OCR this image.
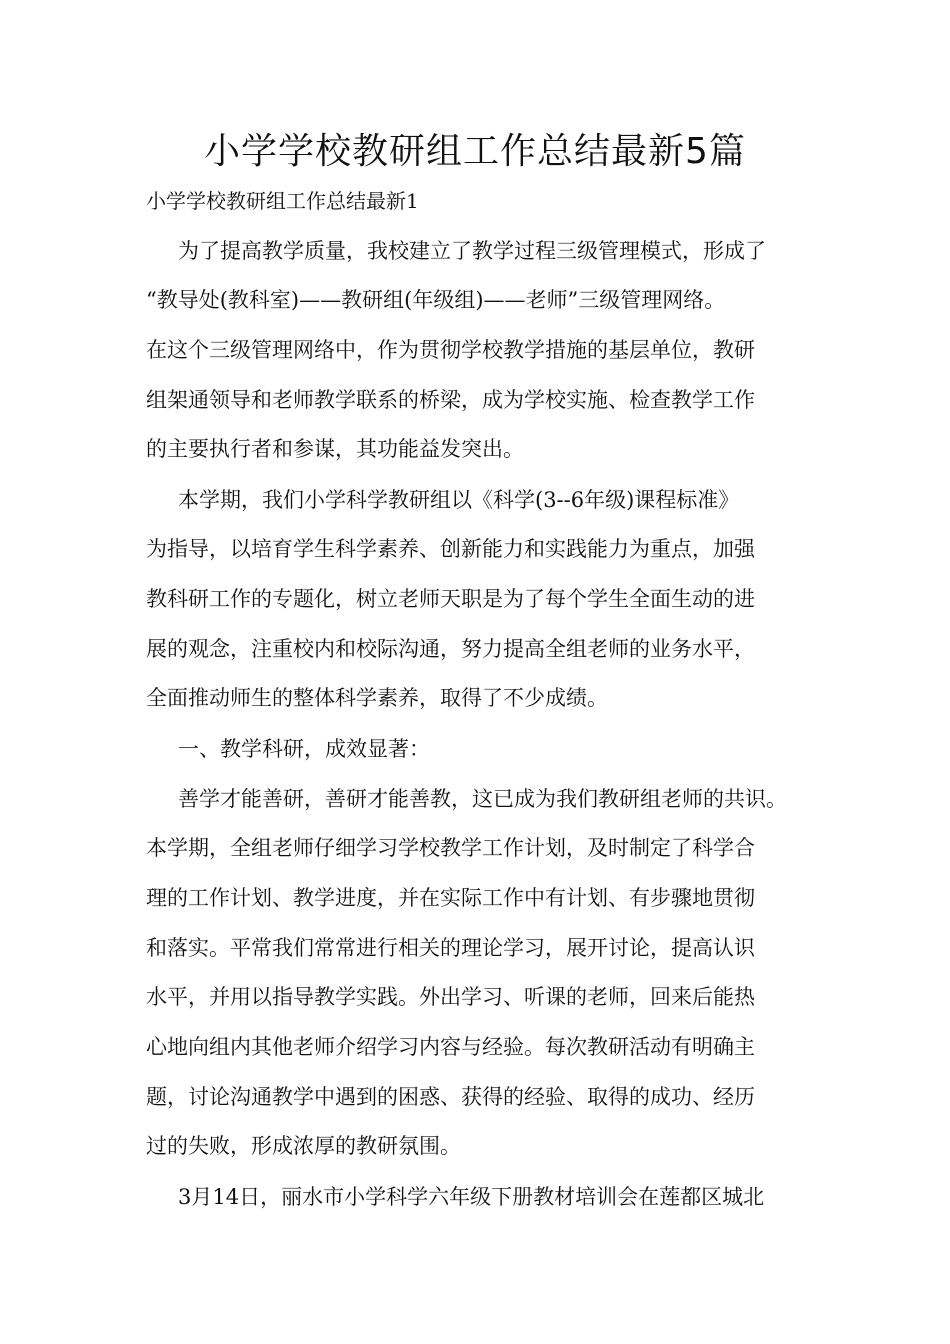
小学学校教研组工作总结最新5篇

小学学校教研组工作总结最新1

为了提高教学质量，我校建立了教学过程三级管理模式，形成了

“教导处(教科室)——教研组(年级组)——老师”三级管理网络。

在这个三级管理网络中，作为贯彻学校教学措施的基层单位，教研

组架通领导和老师教学联系的桥梁，成为学校实施、检查教学工作

的主要执行者和参谋，其功能益发突出。

本学期，我们小学科学教研组以《科学(3--6年级)课程标准》

为指导，以培育学生科学素养、创新能力和实践能力为重点，加强

教科研工作的专题化，树立老师天职是为了每个学生全面生动的进

展的观念，注重校内和校际沟通，努力提高全组老师的业务水平，

全面推动师生的整体科学素养，取得了不少成绩。

一、教学科研，成效显著：

善学才能善研，善研才能善教，这已成为我们教研组老师的共识。

本学期，全组老师仔细学习学校教学工作计划，及时制定了科学合

理的工作计划、教学进度，并在实际工作中有计划、有步骤地贯彻

和落实。平常我们常常进行相关的理论学习，展开讨论，提高认识

水平，并用以指导教学实践。外出学习、听课的老师，回来后能热

心地向组内其他老师介绍学习内容与经验。每次教研活动有明确主

题，讨论沟通教学中遇到的困惑、获得的经验、取得的成功、经历

过的失败，形成浓厚的教研氛围。

3月14日，丽水市小学科学六年级下册教材培训会在莲都区城北
